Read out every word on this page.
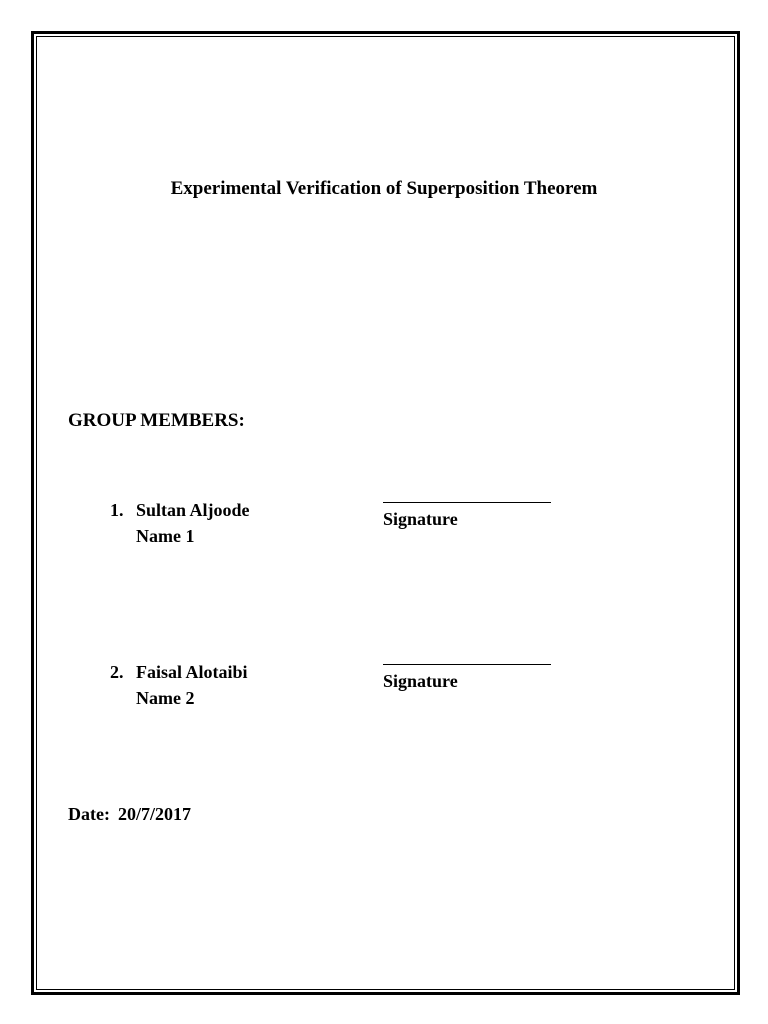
Experimental Verification of Superposition Theorem
GROUP MEMBERS:
1. Sultan Aljoode
Name 1
Signature
2. Faisal Alotaibi
Name 2
Signature
Date: 20/7/2017
